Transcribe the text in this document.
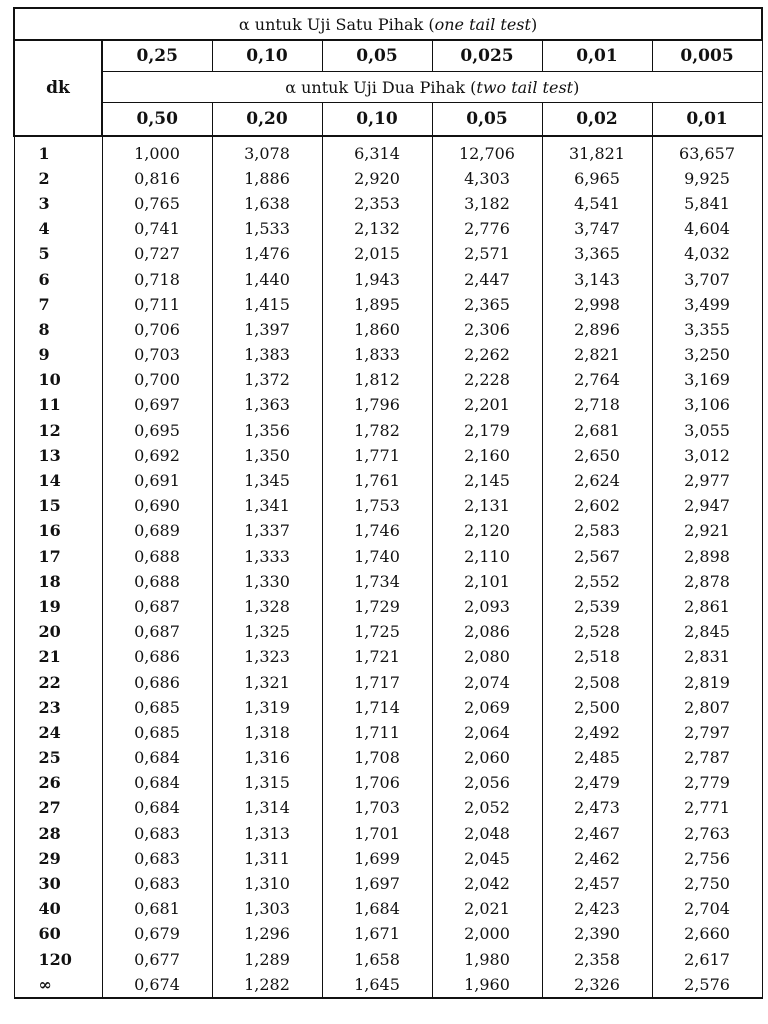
α untuk Uji Satu Pihak (one tail test)						
dk	0,25	0,10	0,05	0,025	0,01	0,005
	α untuk Uji Dua Pihak (two tail test)					
	0,50	0,20	0,10	0,05	0,02	0,01
1	1,000	3,078	6,314	12,706	31,821	63,657
2	0,816	1,886	2,920	4,303	6,965	9,925
3	0,765	1,638	2,353	3,182	4,541	5,841
4	0,741	1,533	2,132	2,776	3,747	4,604
5	0,727	1,476	2,015	2,571	3,365	4,032
6	0,718	1,440	1,943	2,447	3,143	3,707
7	0,711	1,415	1,895	2,365	2,998	3,499
8	0,706	1,397	1,860	2,306	2,896	3,355
9	0,703	1,383	1,833	2,262	2,821	3,250
10	0,700	1,372	1,812	2,228	2,764	3,169
11	0,697	1,363	1,796	2,201	2,718	3,106
12	0,695	1,356	1,782	2,179	2,681	3,055
13	0,692	1,350	1,771	2,160	2,650	3,012
14	0,691	1,345	1,761	2,145	2,624	2,977
15	0,690	1,341	1,753	2,131	2,602	2,947
16	0,689	1,337	1,746	2,120	2,583	2,921
17	0,688	1,333	1,740	2,110	2,567	2,898
18	0,688	1,330	1,734	2,101	2,552	2,878
19	0,687	1,328	1,729	2,093	2,539	2,861
20	0,687	1,325	1,725	2,086	2,528	2,845
21	0,686	1,323	1,721	2,080	2,518	2,831
22	0,686	1,321	1,717	2,074	2,508	2,819
23	0,685	1,319	1,714	2,069	2,500	2,807
24	0,685	1,318	1,711	2,064	2,492	2,797
25	0,684	1,316	1,708	2,060	2,485	2,787
26	0,684	1,315	1,706	2,056	2,479	2,779
27	0,684	1,314	1,703	2,052	2,473	2,771
28	0,683	1,313	1,701	2,048	2,467	2,763
29	0,683	1,311	1,699	2,045	2,462	2,756
30	0,683	1,310	1,697	2,042	2,457	2,750
40	0,681	1,303	1,684	2,021	2,423	2,704
60	0,679	1,296	1,671	2,000	2,390	2,660
120	0,677	1,289	1,658	1,980	2,358	2,617
∞	0,674	1,282	1,645	1,960	2,326	2,576
